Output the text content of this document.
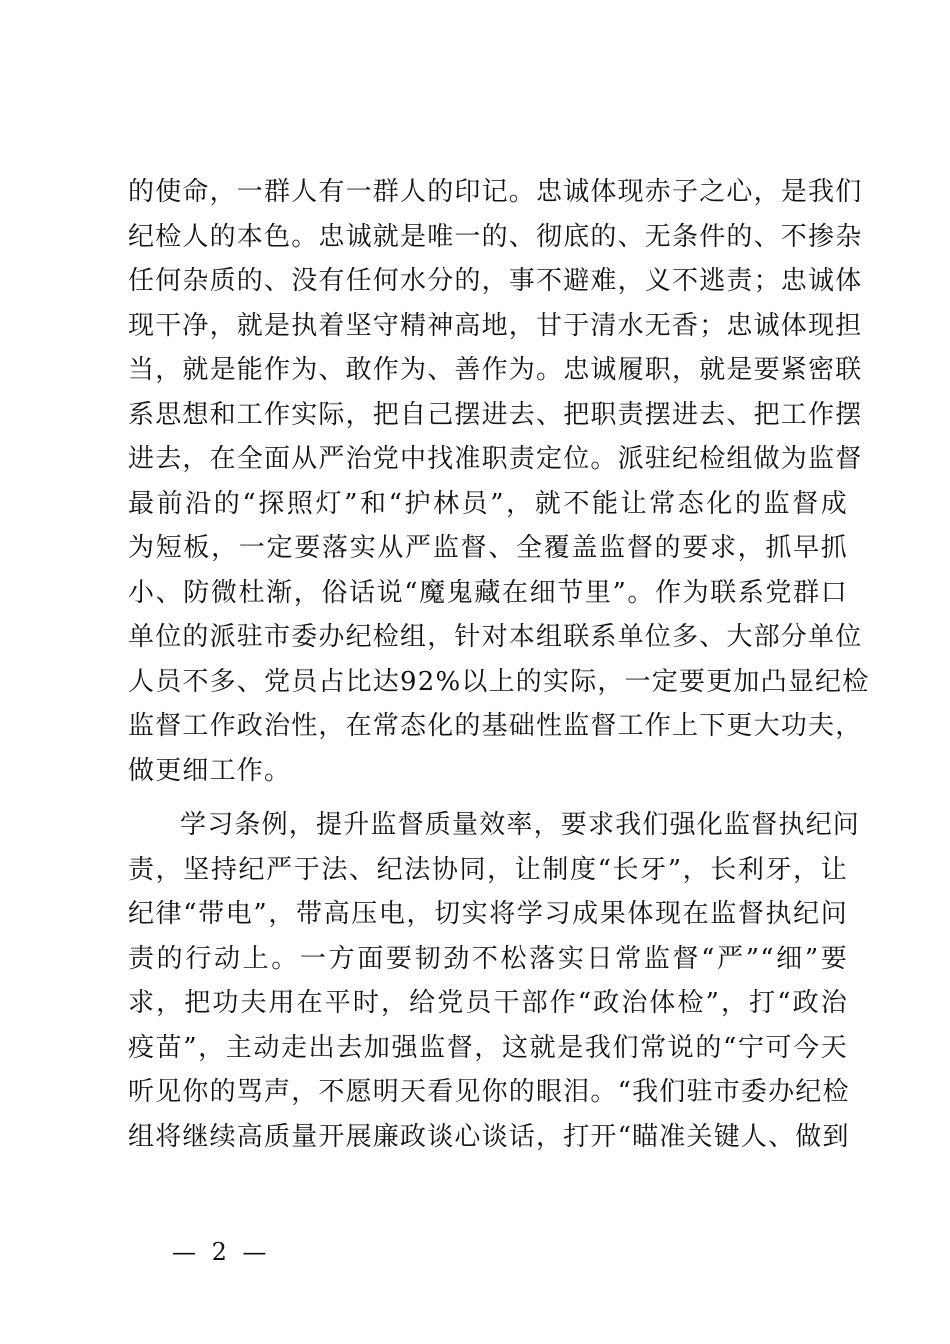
的使命，一群人有一群人的印记。忠诚体现赤子之心，是我们
纪检人的本色。忠诚就是唯一的、彻底的、无条件的、不掺杂
任何杂质的、没有任何水分的，事不避难，义不逃责；忠诚体
现干净，就是执着坚守精神高地，甘于清水无香；忠诚体现担
当，就是能作为、敢作为、善作为。忠诚履职，就是要紧密联
系思想和工作实际，把自己摆进去、把职责摆进去、把工作摆
进去，在全面从严治党中找准职责定位。派驻纪检组做为监督
最前沿的“探照灯”和“护林员”，就不能让常态化的监督成
为短板，一定要落实从严监督、全覆盖监督的要求，抓早抓
小、防微杜渐，俗话说“魔鬼藏在细节里”。作为联系党群口
单位的派驻市委办纪检组，针对本组联系单位多、大部分单位
人员不多、党员占比达92%以上的实际，一定要更加凸显纪检
监督工作政治性，在常态化的基础性监督工作上下更大功夫，
做更细工作。
学习条例，提升监督质量效率，要求我们强化监督执纪问
责，坚持纪严于法、纪法协同，让制度“长牙”，长利牙，让
纪律“带电”，带高压电，切实将学习成果体现在监督执纪问
责的行动上。一方面要韧劲不松落实日常监督“严”“细”要
求，把功夫用在平时，给党员干部作“政治体检”，打“政治
疫苗”，主动走出去加强监督，这就是我们常说的“宁可今天
听见你的骂声，不愿明天看见你的眼泪。“我们驻市委办纪检
组将继续高质量开展廉政谈心谈话，打开“瞄准关键人、做到
— 2 —
